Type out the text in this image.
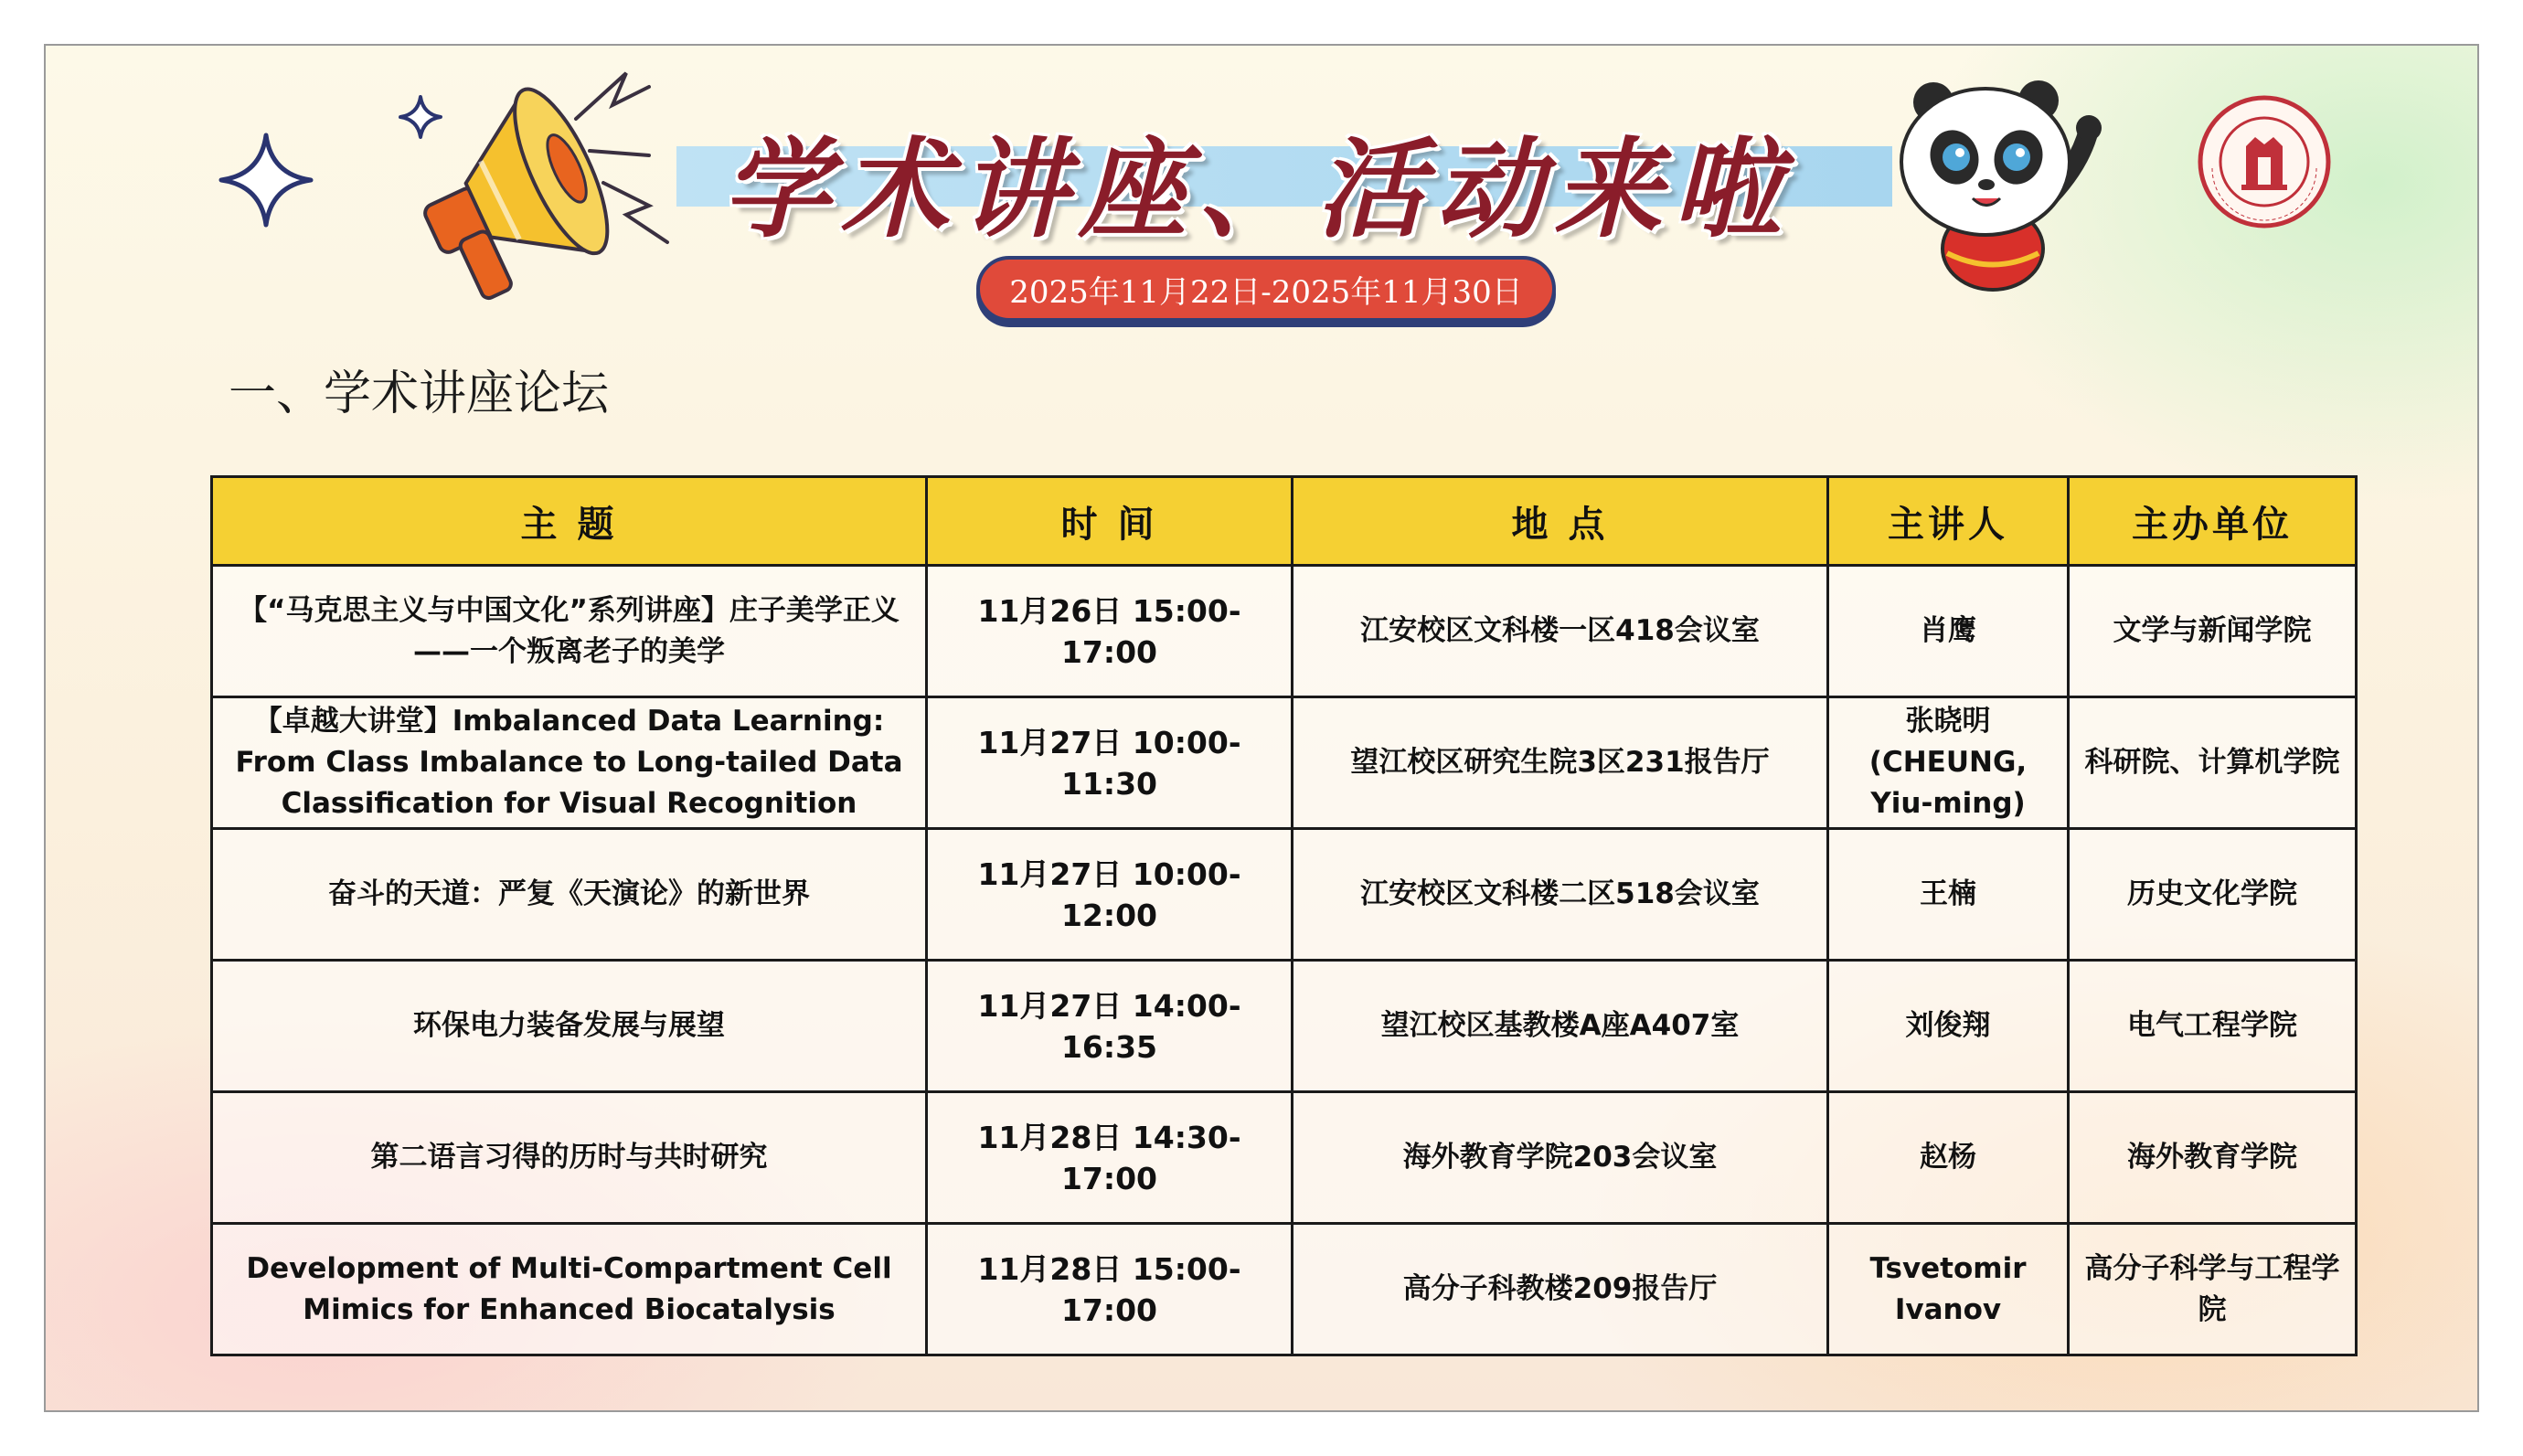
学术讲座、活动来啦
2025年11月22日-2025年11月30日
一、学术讲座论坛
主 题	时 间	地 点	主讲人	主办单位
【“马克思主义与中国文化”系列讲座】庄子美学正义——一个叛离老子的美学	11月26日 15:00-17:00	江安校区文科楼一区418会议室	肖鹰	文学与新闻学院
【卓越大讲堂】Imbalanced Data Learning: From Class Imbalance to Long-tailed Data Classification for Visual Recognition	11月27日 10:00-11:30	望江校区研究生院3区231报告厅	张晓明 (CHEUNG, Yiu-ming)	科研院、计算机学院
奋斗的天道：严复《天演论》的新世界	11月27日 10:00-12:00	江安校区文科楼二区518会议室	王楠	历史文化学院
环保电力装备发展与展望	11月27日 14:00-16:35	望江校区基教楼A座A407室	刘俊翔	电气工程学院
第二语言习得的历时与共时研究	11月28日 14:30-17:00	海外教育学院203会议室	赵杨	海外教育学院
Development of Multi-Compartment Cell Mimics for Enhanced Biocatalysis	11月28日 15:00-17:00	高分子科教楼209报告厅	Tsvetomir Ivanov	高分子科学与工程学院
